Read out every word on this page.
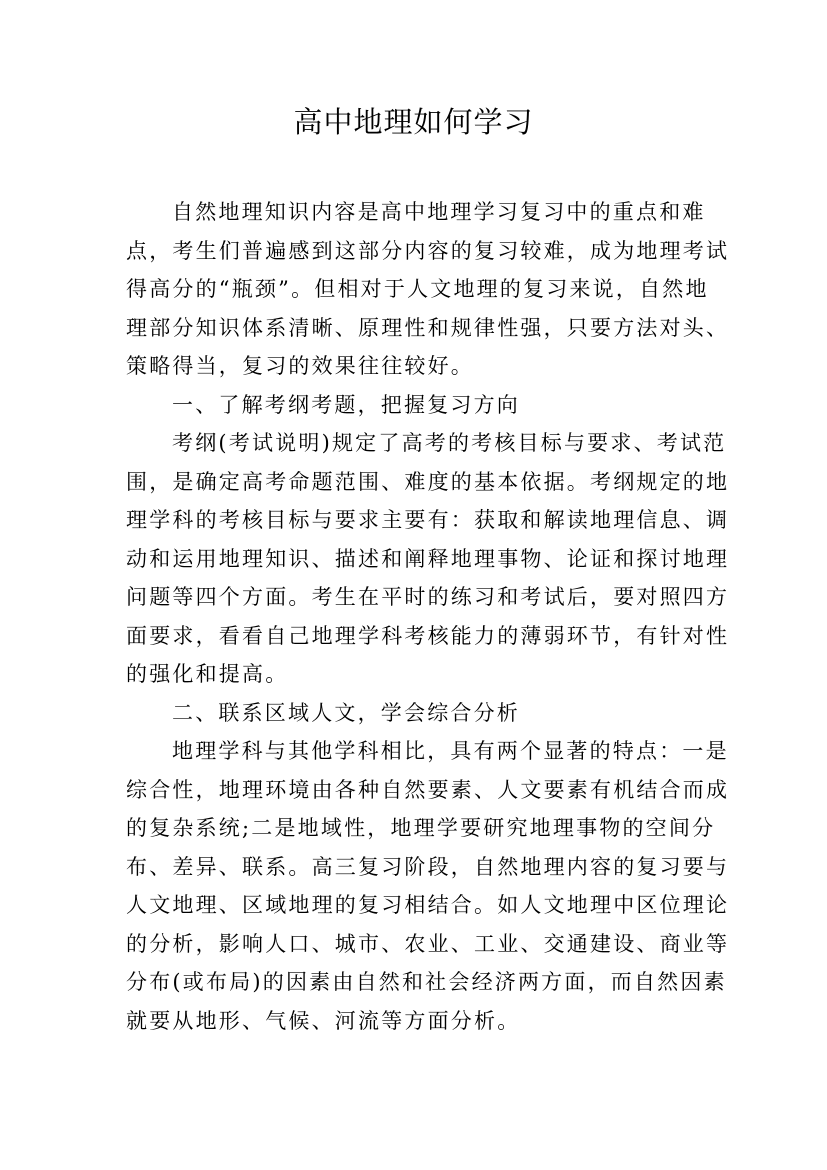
高中地理如何学习
自然地理知识内容是高中地理学习复习中的重点和难
点，考生们普遍感到这部分内容的复习较难，成为地理考试
得高分的“瓶颈”。但相对于人文地理的复习来说，自然地
理部分知识体系清晰、原理性和规律性强，只要方法对头、
策略得当，复习的效果往往较好。
一、了解考纲考题，把握复习方向
考纲(考试说明)规定了高考的考核目标与要求、考试范
围，是确定高考命题范围、难度的基本依据。考纲规定的地
理学科的考核目标与要求主要有：获取和解读地理信息、调
动和运用地理知识、描述和阐释地理事物、论证和探讨地理
问题等四个方面。考生在平时的练习和考试后，要对照四方
面要求，看看自己地理学科考核能力的薄弱环节，有针对性
的强化和提高。
二、联系区域人文，学会综合分析
地理学科与其他学科相比，具有两个显著的特点：一是
综合性，地理环境由各种自然要素、人文要素有机结合而成
的复杂系统;二是地域性，地理学要研究地理事物的空间分
布、差异、联系。高三复习阶段，自然地理内容的复习要与
人文地理、区域地理的复习相结合。如人文地理中区位理论
的分析，影响人口、城市、农业、工业、交通建设、商业等
分布(或布局)的因素由自然和社会经济两方面，而自然因素
就要从地形、气候、河流等方面分析。
